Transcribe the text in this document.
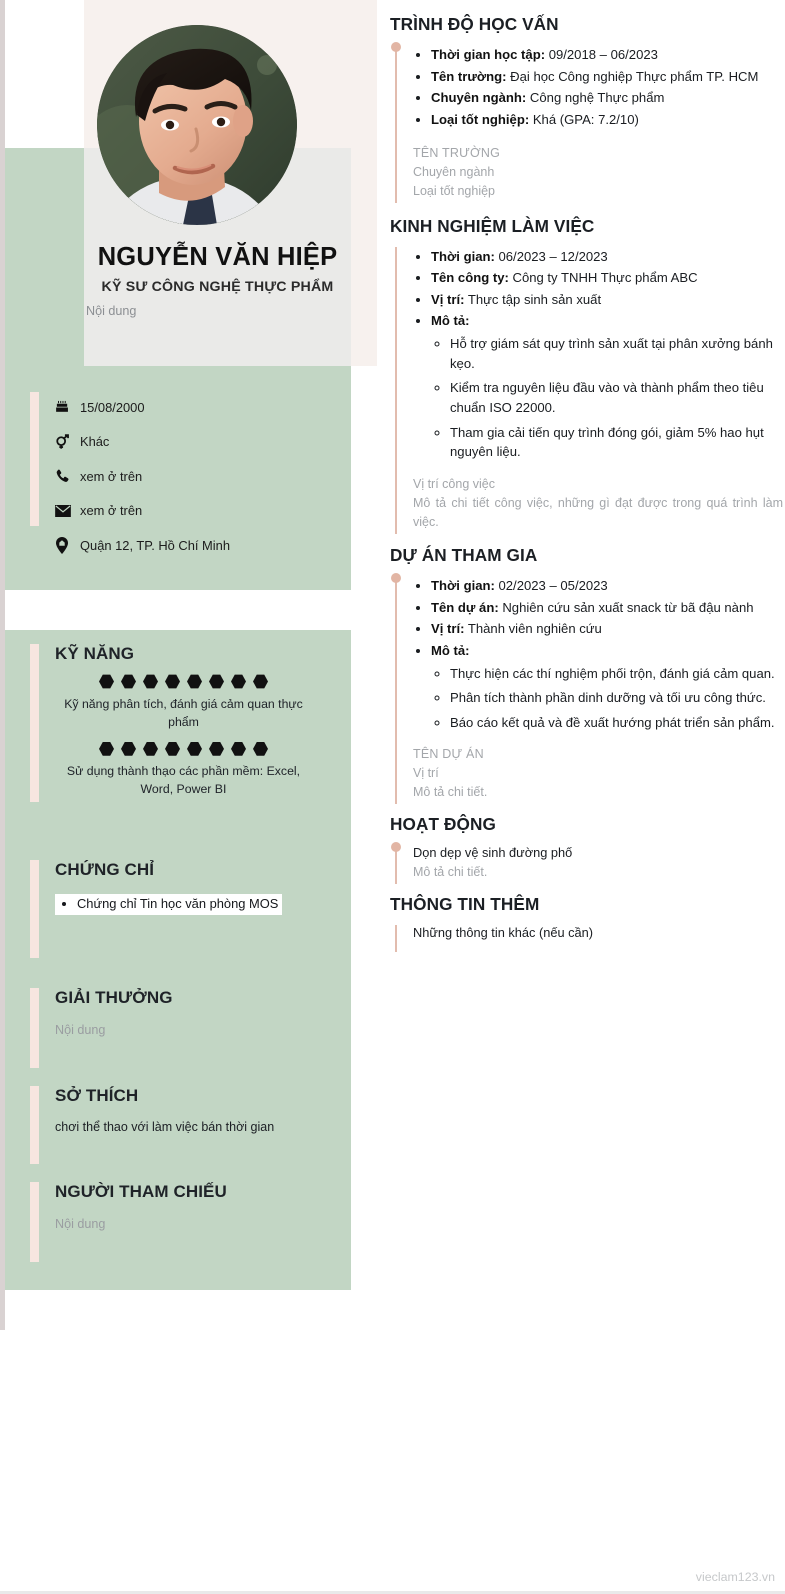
NGUYỄN VĂN HIỆP
KỸ SƯ CÔNG NGHỆ THỰC PHẨM
Nội dung
15/08/2000
Khác
xem ở trên
xem ở trên
Quận 12, TP. Hồ Chí Minh
KỸ NĂNG
Kỹ năng phân tích, đánh giá cảm quan thực phẩm
Sử dụng thành thạo các phần mềm: Excel, Word, Power BI
CHỨNG CHỈ
• Chứng chỉ Tin học văn phòng MOS
GIẢI THƯỞNG
Nội dung
SỞ THÍCH
chơi thể thao với làm việc bán thời gian
NGƯỜI THAM CHIẾU
Nội dung
TRÌNH ĐỘ HỌC VẤN
• Thời gian học tập: 09/2018 – 06/2023
• Tên trường: Đại học Công nghiệp Thực phẩm TP. HCM
• Chuyên ngành: Công nghệ Thực phẩm
• Loại tốt nghiệp: Khá (GPA: 7.2/10)
TÊN TRƯỜNG
Chuyên ngành
Loại tốt nghiệp
KINH NGHIỆM LÀM VIỆC
• Thời gian: 06/2023 – 12/2023
• Tên công ty: Công ty TNHH Thực phẩm ABC
• Vị trí: Thực tập sinh sản xuất
• Mô tả:
◦ Hỗ trợ giám sát quy trình sản xuất tại phân xưởng bánh kẹo.
◦ Kiểm tra nguyên liệu đầu vào và thành phẩm theo tiêu chuẩn ISO 22000.
◦ Tham gia cải tiến quy trình đóng gói, giảm 5% hao hụt nguyên liệu.
Vị trí công việc
Mô tả chi tiết công việc, những gì đạt được trong quá trình làm việc.
DỰ ÁN THAM GIA
• Thời gian: 02/2023 – 05/2023
• Tên dự án: Nghiên cứu sản xuất snack từ bã đậu nành
• Vị trí: Thành viên nghiên cứu
• Mô tả:
◦ Thực hiện các thí nghiệm phối trộn, đánh giá cảm quan.
◦ Phân tích thành phần dinh dưỡng và tối ưu công thức.
◦ Báo cáo kết quả và đề xuất hướng phát triển sản phẩm.
TÊN DỰ ÁN
Vị trí
Mô tả chi tiết.
HOẠT ĐỘNG
Dọn dẹp vệ sinh đường phố
Mô tả chi tiết.
THÔNG TIN THÊM
Những thông tin khác (nếu cần)
vieclam123.vn
